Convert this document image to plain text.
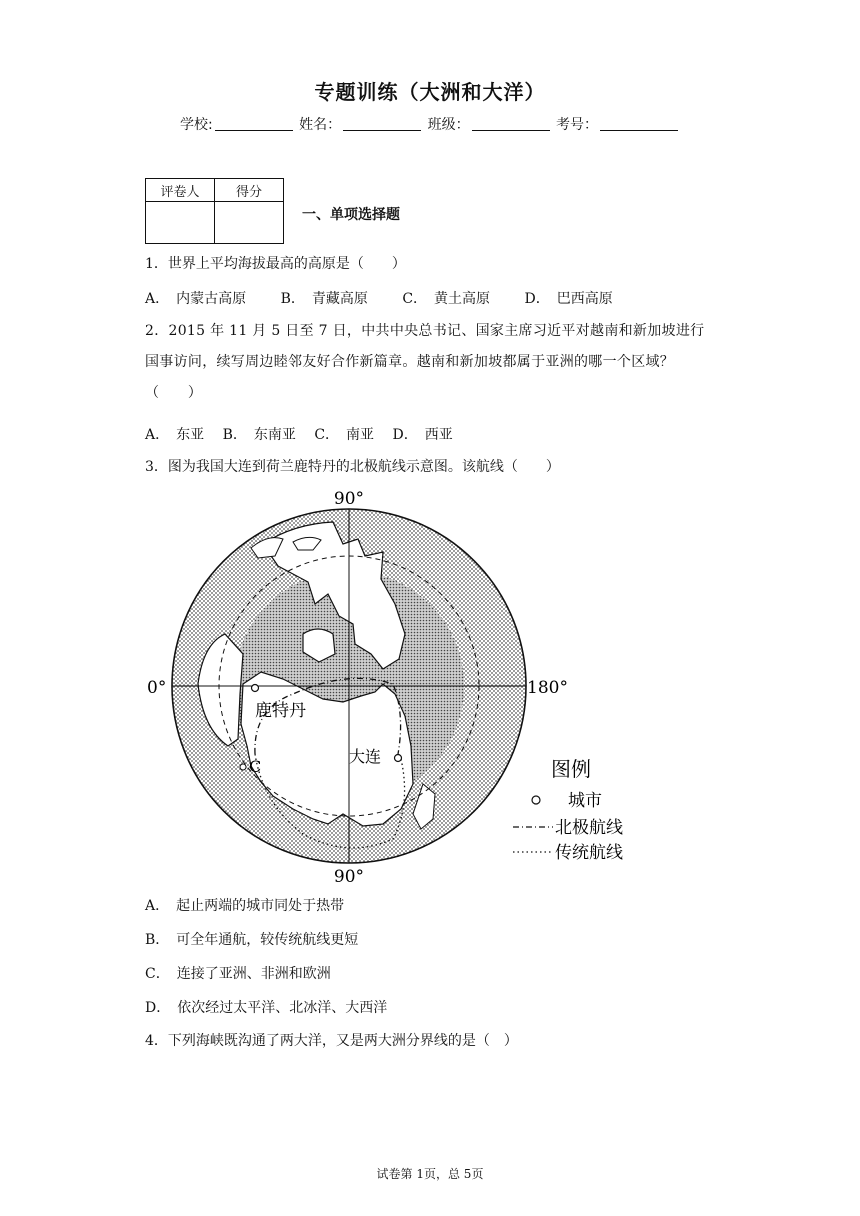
专题训练（大洲和大洋）
学校:	姓名：	班级：	考号：
评卷人	得分

一、单项选择题
1．世界上平均海拔最高的高原是（　　）
A．　内蒙古高原 B．　青藏高原 C．　黄土高原 D．　巴西高原
2．2015 年 11 月 5 日至 7 日，中共中央总书记、国家主席习近平对越南和新加坡进行
国事访问，续写周边睦邻友好合作新篇章。越南和新加坡都属于亚洲的哪一个区域？
（　　）
A．　东亚 B．　东南亚 C．　南亚 D．　西亚
3．图为我国大连到荷兰鹿特丹的北极航线示意图。该航线（　　）
90°
90°
0°	180°
鹿特丹
大连
C	图例
城市
北极航线
传统航线
A．　起止两端的城市同处于热带
B．　可全年通航，较传统航线更短
C．　连接了亚洲、非洲和欧洲
D．　依次经过太平洋、北冰洋、大西洋
4．下列海峡既沟通了两大洋，又是两大洲分界线的是（　）
试卷第 1页，总 5页
